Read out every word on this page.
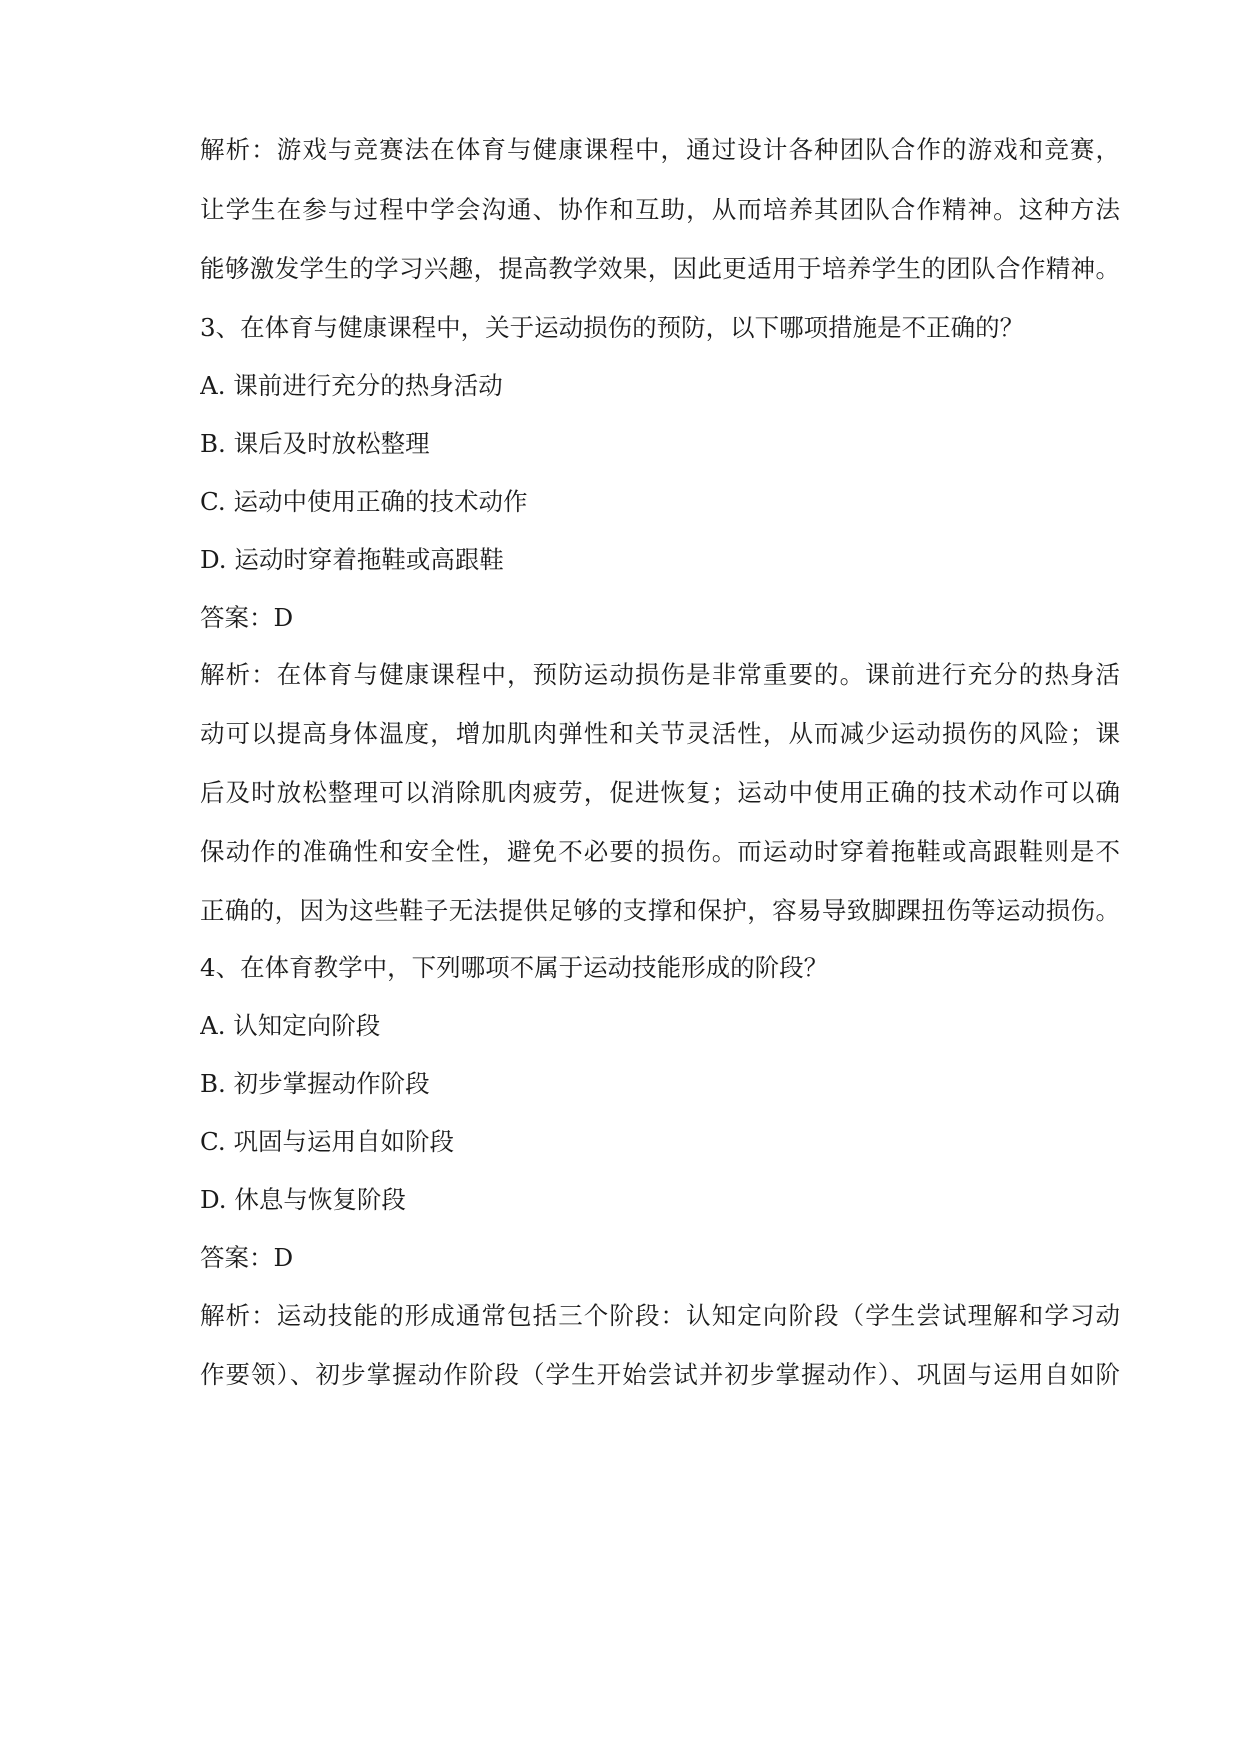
解析：游戏与竞赛法在体育与健康课程中，通过设计各种团队合作的游戏和竞赛，
让学生在参与过程中学会沟通、协作和互助，从而培养其团队合作精神。这种方法
能够激发学生的学习兴趣，提高教学效果，因此更适用于培养学生的团队合作精神。
3、在体育与健康课程中，关于运动损伤的预防，以下哪项措施是不正确的？
A. 课前进行充分的热身活动
B. 课后及时放松整理
C. 运动中使用正确的技术动作
D. 运动时穿着拖鞋或高跟鞋
答案：D
解析：在体育与健康课程中，预防运动损伤是非常重要的。课前进行充分的热身活
动可以提高身体温度，增加肌肉弹性和关节灵活性，从而减少运动损伤的风险；课
后及时放松整理可以消除肌肉疲劳，促进恢复；运动中使用正确的技术动作可以确
保动作的准确性和安全性，避免不必要的损伤。而运动时穿着拖鞋或高跟鞋则是不
正确的，因为这些鞋子无法提供足够的支撑和保护，容易导致脚踝扭伤等运动损伤。
4、在体育教学中，下列哪项不属于运动技能形成的阶段？
A. 认知定向阶段
B. 初步掌握动作阶段
C. 巩固与运用自如阶段
D. 休息与恢复阶段
答案：D
解析：运动技能的形成通常包括三个阶段：认知定向阶段（学生尝试理解和学习动
作要领）、初步掌握动作阶段（学生开始尝试并初步掌握动作）、巩固与运用自如阶
